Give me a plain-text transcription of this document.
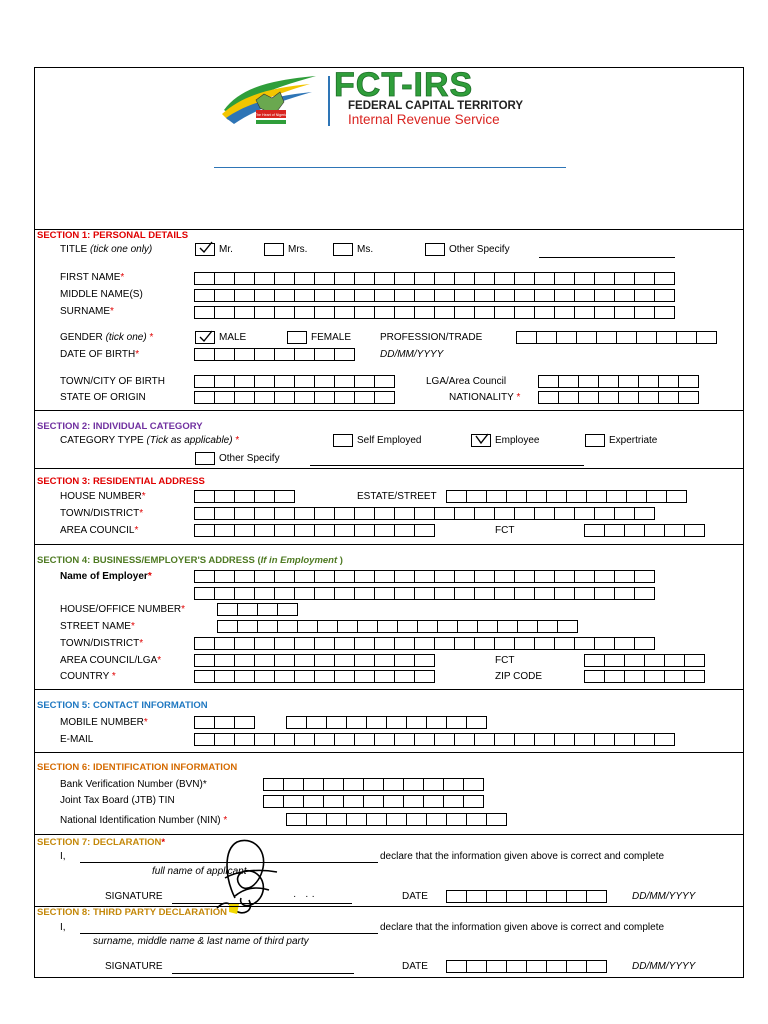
The Heart of Nigeria
FCT-IRS
FEDERAL CAPITAL TERRITORY
Internal Revenue Service
SECTION 1: PERSONAL DETAILS
TITLE (tick one only)	Mr.	Mrs.	Ms.	Other Specify
FIRST NAME*
MIDDLE NAME(S)
SURNAME*
GENDER (tick one) *	MALE	FEMALE	PROFESSION/TRADE
DATE OF BIRTH*	DD/MM/YYYY
TOWN/CITY OF BIRTH	LGA/Area Council
STATE OF ORIGIN	NATIONALITY *
SECTION 2: INDIVIDUAL CATEGORY
CATEGORY TYPE (Tick as applicable) *	Self Employed	Employee	Expertriate
Other Specify
SECTION 3: RESIDENTIAL ADDRESS
HOUSE NUMBER*	ESTATE/STREET
TOWN/DISTRICT*
AREA COUNCIL*	FCT
SECTION 4: BUSINESS/EMPLOYER'S ADDRESS (If in Employment )
Name of Employer*
HOUSE/OFFICE NUMBER*
STREET NAME*
TOWN/DISTRICT*
AREA COUNCIL/LGA*	FCT
COUNTRY *	ZIP CODE
SECTION 5: CONTACT INFORMATION
MOBILE NUMBER*
E-MAIL
SECTION 6: IDENTIFICATION INFORMATION
Bank Verification Number (BVN)*
Joint Tax Board (JTB) TIN
National Identification Number (NIN) *
SECTION 7: DECLARATION*
I,	declare that the information given above is correct and complete
full name of applicant
SIGNATURE	DATE	DD/MM/YYYY
· ··
SECTION 8: THIRD PARTY DECLARATION
I,	declare that the information given above is correct and complete
surname, middle name & last name of third party
SIGNATURE	DATE	DD/MM/YYYY
